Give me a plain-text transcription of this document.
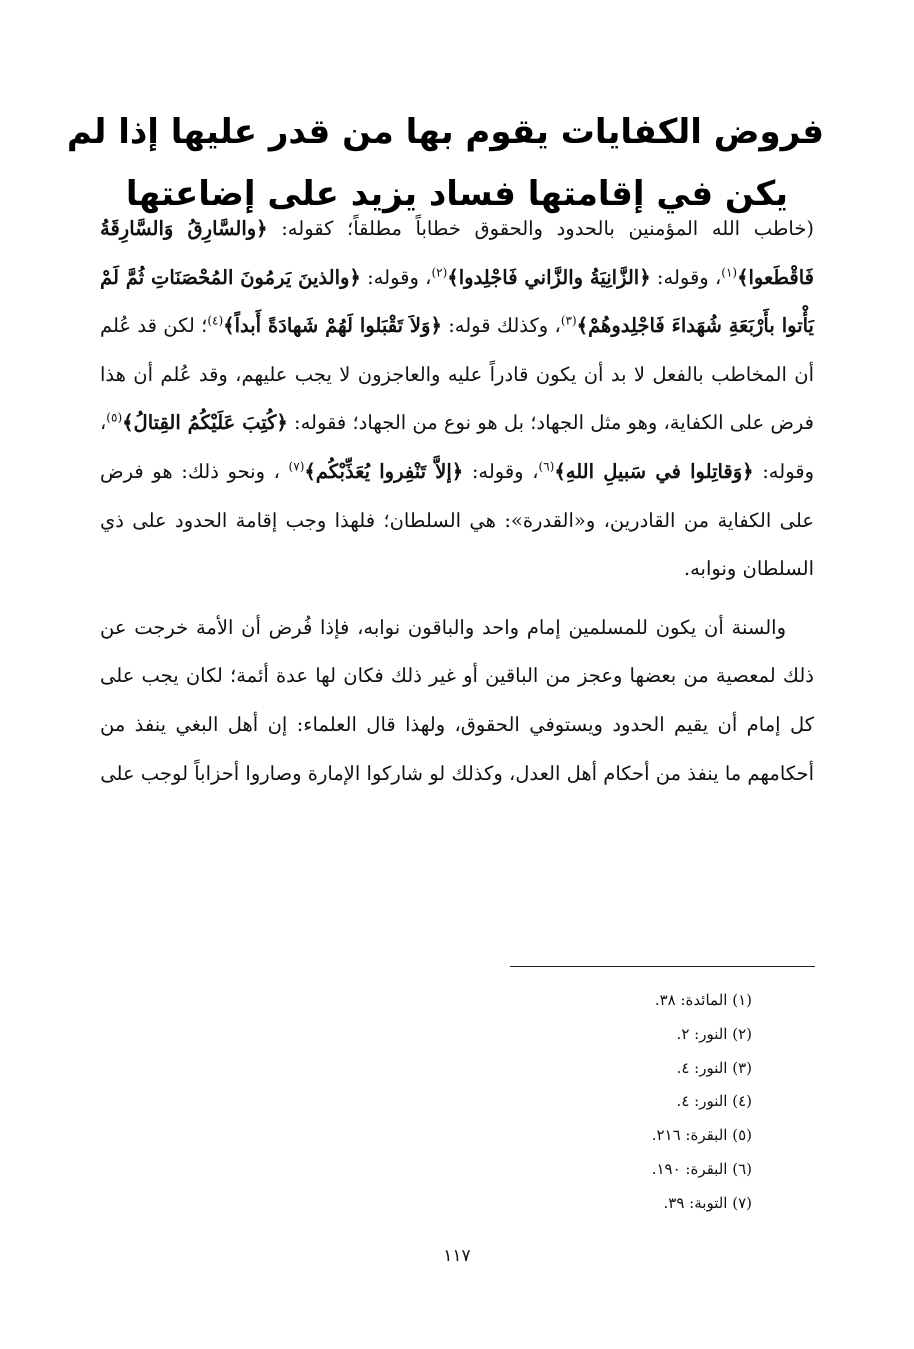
فروض الكفايات يقوم بها من قدر عليها إذا لم
يكن في إقامتها فساد يزيد على إضاعتها

(خاطب الله المؤمنين بالحدود والحقوق خطاباً مطلقاً؛ كقوله: ﴿والسَّارِقُ وَالسَّارِقَةُ فَاقْطَعوا﴾$^{(١)}$، وقوله: ﴿الزَّانِيَةُ والزَّاني فَاجْلِدوا﴾$^{(٢)}$، وقوله: ﴿والذينَ يَرمُونَ المُحْصَنَاتِ ثُمَّ لَمْ يَأْتوا بأَرْبَعَةِ شُهَداءَ فَاجْلِدوهُمْ﴾$^{(٣)}$، وكذلك قوله: ﴿وَلاَ تَقْبَلوا لَهُمْ شَهادَةً أَبداً﴾$^{(٤)}$؛ لكن قد عُلم أن المخاطب بالفعل لا بد أن يكون قادراً عليه والعاجزون لا يجب عليهم، وقد عُلم أن هذا فرض على الكفاية، وهو مثل الجهاد؛ بل هو نوع من الجهاد؛ فقوله: ﴿كُتِبَ عَلَيْكُمُ القِتالُ﴾$^{(٥)}$، وقوله: ﴿وَقاتِلوا في سَبيلِ اللهِ﴾$^{(٦)}$، وقوله: ﴿إلاَّ تَنْفِروا يُعَذِّبْكُم﴾$^{(٧)}$ ، ونحو ذلك: هو فرض على الكفاية من القادرين، و«القدرة»: هي السلطان؛ فلهذا وجب إقامة الحدود على ذي السلطان ونوابه.

والسنة أن يكون للمسلمين إمام واحد والباقون نوابه، فإذا فُرض أن الأمة خرجت عن ذلك لمعصية من بعضها وعجز من الباقين أو غير ذلك فكان لها عدة أئمة؛ لكان يجب على كل إمام أن يقيم الحدود ويستوفي الحقوق، ولهذا قال العلماء: إن أهل البغي ينفذ من أحكامهم ما ينفذ من أحكام أهل العدل، وكذلك لو شاركوا الإمارة وصاروا أحزاباً لوجب على

(١) المائدة: ٣٨.
(٢) النور: ٢.
(٣) النور: ٤.
(٤) النور: ٤.
(٥) البقرة: ٢١٦.
(٦) البقرة: ١٩٠.
(٧) التوبة: ٣٩.
١١٧
